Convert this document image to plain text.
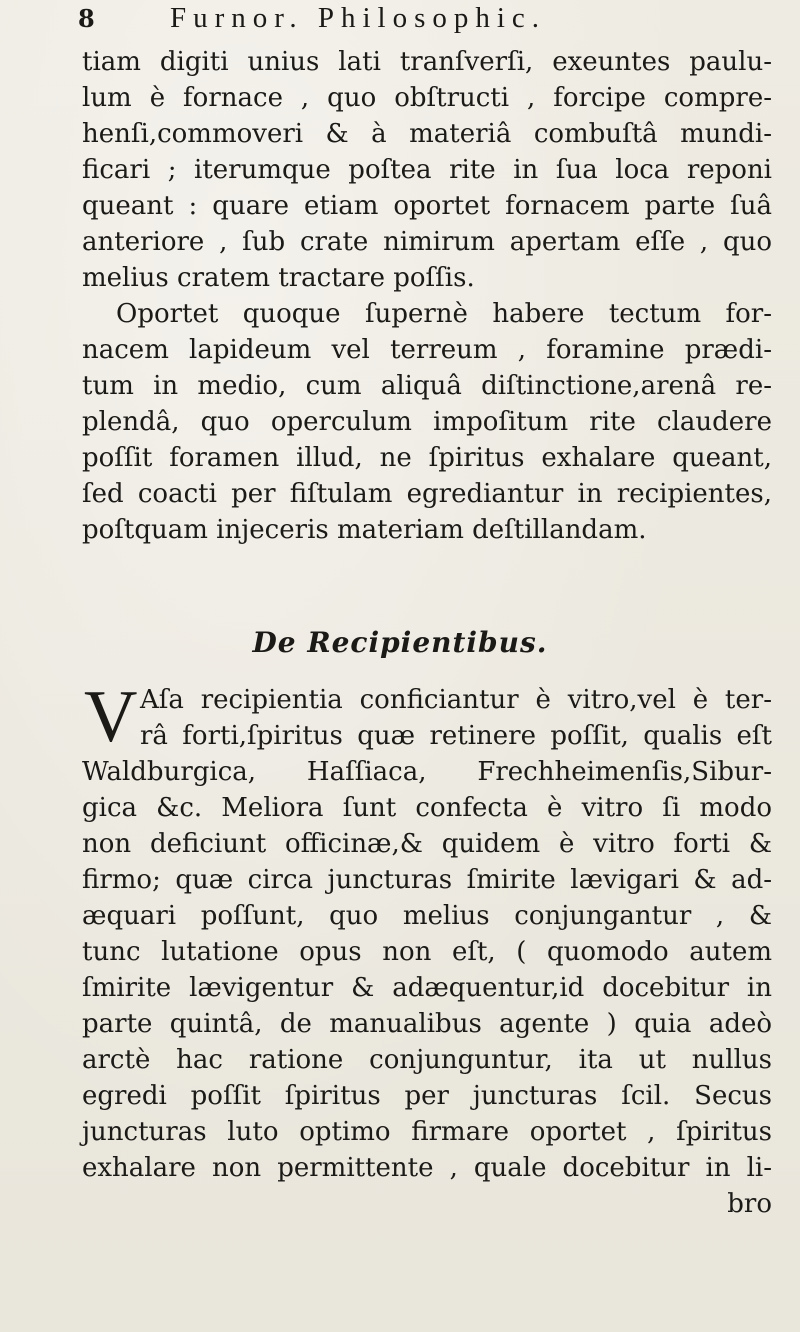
8	Furnor. Philosophic.
tiam digiti unius lati tranſverſi, exeuntes paulu-
lum è fornace , quo obſtructi , forcipe compre-
henſi,commoveri & à materiâ combuſtâ mundi-
ficari ; iterumque poſtea rite in ſua loca reponi
queant : quare etiam oportet fornacem parte ſuâ
anteriore , ſub crate nimirum apertam eſſe , quo
melius cratem tractare poſſis.
Oportet quoque ſupernè habere tectum for-
nacem lapideum vel terreum , foramine prædi-
tum in medio, cum aliquâ diſtinctione,arenâ re-
plendâ, quo operculum impoſitum rite claudere
poſſit foramen illud, ne ſpiritus exhalare queant,
ſed coacti per fiſtulam egrediantur in recipientes,
poſtquam injeceris materiam deſtillandam.
De Recipientibus.
V Aſa recipientia conficiantur è vitro,vel è ter-
râ forti,ſpiritus quæ retinere poſſit, qualis eſt
Waldburgica, Haſſiaca, Frechheimenſis,Sibur-
gica &c. Meliora ſunt confecta è vitro ſi modo
non deficiunt officinæ,& quidem è vitro forti &
firmo; quæ circa juncturas ſmirite lævigari & ad-
æquari poſſunt, quo melius conjungantur , &
tunc lutatione opus non eſt, ( quomodo autem
ſmirite lævigentur & adæquentur,id docebitur in
parte quintâ, de manualibus agente ) quia adeò
arctè hac ratione conjunguntur, ita ut nullus
egredi poſſit ſpiritus per juncturas ſcil. Secus
juncturas luto optimo firmare oportet , ſpiritus
exhalare non permittente , quale docebitur in li-
bro
